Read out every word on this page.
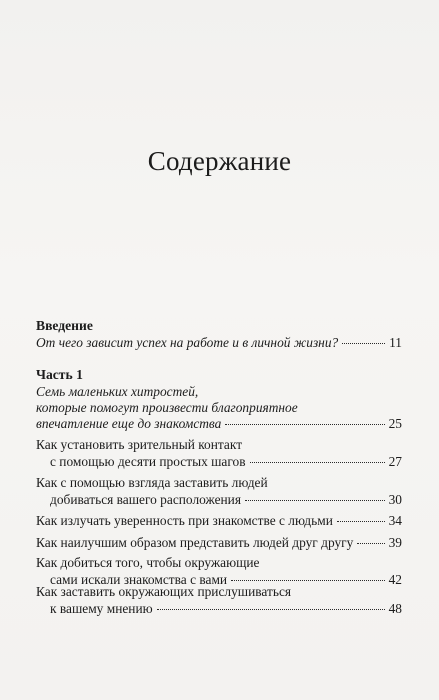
Содержание
Введение
От чего зависит успех на работе и в личной жизни?	11
Часть 1
Семь маленьких хитростей,
которые помогут произвести благоприятное
впечатление еще до знакомства	25
Как установить зрительный контакт
с помощью десяти простых шагов	27
Как с помощью взгляда заставить людей
добиваться вашего расположения	30
Как излучать уверенность при знакомстве с людьми	34
Как наилучшим образом представить людей друг другу	39
Как добиться того, чтобы окружающие
сами искали знакомства с вами	42
Как заставить окружающих прислушиваться
к вашему мнению	48
